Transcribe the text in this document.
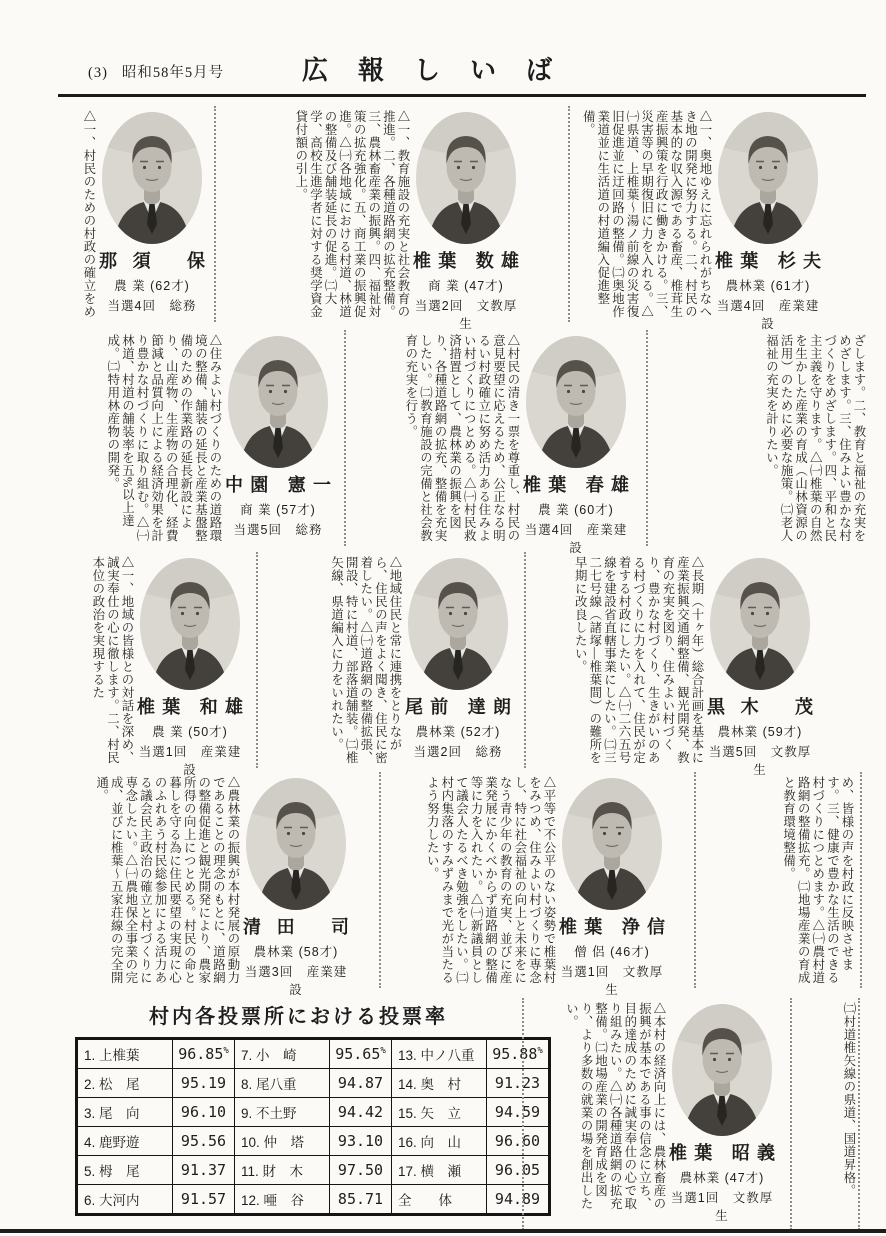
(3) 昭和58年5月号	広報しいば
△一、村民のための村政の確立をめ 那須 保
農 業 (62才)
当選4回　総務	△一、教育施設の充実と社会教育の推進。二、各種道路網の拡充整備。三、農林畜産業の振興。四、福祉対策の拡充強化。五、商工業の振興促進。△㈠各地域における村道、林道の整備及び舗装延長の促進。㈡大学、高校生進学者に対する奨学資金貸付額の引上。
椎葉 数雄
商 業 (47才)
当選2回　文教厚生
△一、奥地ゆえに忘れられがちなへき地の開発に努力する。二、村民の基本的な収入源である畜産、椎茸生産振興策を行政に働きかける。三、災害等の早期復旧に力を入れる。△㈠県道、上椎葉〜湯ノ前線の災害復旧促進並に迂回路の整備。㈡奥地作業道並に生活道の村道編入促進整備。
椎葉 杉夫
農林業 (61才)
当選4回　産業建設
△住みよい村づくりのための道路環境の整備、舗装の延長と産業基盤整備のための作業路の延長新設により、山産物、生産物の合理化、経費節減と品質向上による経済効果を計り豊かな村づくりに取り組む。△㈠林道、村道の舗装率を五%以上達成。㈡特用林産物の開発。	中園 憲一
商 業 (57才)
当選5回　総務	△村民の清き一票を尊重し、村民の意見要望に応えるため、公正なる明るい村政確立に努め活力ある住みよい村づくりにつとめる。△㈠村民救済措置として、農林業の振興を図り、各種道路網の拡充、整備を充実したい。㈡教育施設の完備と社会教育の充実を行う。
椎葉 春雄
農 業 (60才)
当選4回　産業建設
ざします。二、教育と福祉の充実をめざします。三、住みよい豊かな村づくりをめざします。四、平和と民主主義を守ります。△㈠椎葉の自然を生かした産業の育成（山林資源の活用）のために必要な施策。㈡老人福祉の充実を計りたい。
△一、地域の皆様との対話を深め、誠実奉仕の心に徹します。二、村民本位の政治を実現するた
椎葉 和雄
農 業 (50才)
当選1回　産業建設
△地域住民と常に連携をとりながら、住民の声をよく聞き、住民に密着したい。△㈠道路網の整備拡張、開設、特に村道、部落道舗装。㈡椎矢線、県道編入に力をいれたい。	尾前 達朗
農林業 (52才)
当選2回　総務	△長期（十ヶ年）総合計画を基本に産業振興交通網整備、観光開発、教育の充実を図り、住みよい村づくり、豊かな村づくり、生きがいのある村づくりに力を入れて、住民が定着する村政にしたい。△㈠二六五号線を建設省直轄事業にしたい。㈡三二七号線（諸塚―椎葉間）の難所を早期に改良したい。
黒木 茂
農林業 (59才)
当選5回　文教厚生
△農林業の振興が本村発展の原動力であることの理念のもとに、道路網の整備促進と観光開発により、農家所得の向上につとめる。村民の命と暮しを守る為に住民要望の実現に心のふれあう村民総参加による活力ある議会民主政治の確立と村づくりに専念したい。△㈠農地保全事業の完成、並びに椎葉〜五家荘線の完全開通。
清田 司
農林業 (58才)
当選3回　産業建設
△平等で不公平のない姿勢で椎葉村をみつめ、住みよい村づくりに専念し、特に社会福祉の向上と未来をになう青少年の教育の充実、並びに産業発展にかくべからず道路網の整備等に力を入れたい。△㈠新議員として議会人たるべき勉強をしたい。㈡村内集落のすみずみまで光が当たるよう努力したい。
椎葉 浄信
僧 侶 (46才)
当選1回　文教厚生
め、皆様の声を村政に反映させます。三、健康で豊かな生活のできる村づくりにつとめます。△㈠農村道路網の整備拡充。㈡地場産業の育成と教育環境整備。
村内各投票所における投票率
1. 上椎葉	96.85%	7. 小　崎	95.65%	13. 中ノ八重	95.88%
2. 松　尾	95.19	8. 尾八重	94.87	14. 奥　村	91.23
3. 尾　向	96.10	9. 不土野	94.42	15. 矢　立	94.59
4. 鹿野遊	95.56	10. 仲　塔	93.10	16. 向　山	96.60
5. 栂　尾	91.37	11. 財　木	97.50	17. 横　瀬	96.05
6. 大河内	91.57	12. 唖　谷	85.71	全　　体	94.89	△本村の経済向上には、農林畜産の振興が基本である事の信念に立ち、目的達成のために誠実奉仕の心で取り組みたい。△㈠各種道路網の拡充整備。㈡地場産業の開発育成を図り、より多数の就業の場を創出したい。
椎葉 昭義
農林業 (47才)
当選1回　文教厚生
㈡村道椎矢線の県道、国道昇格。
